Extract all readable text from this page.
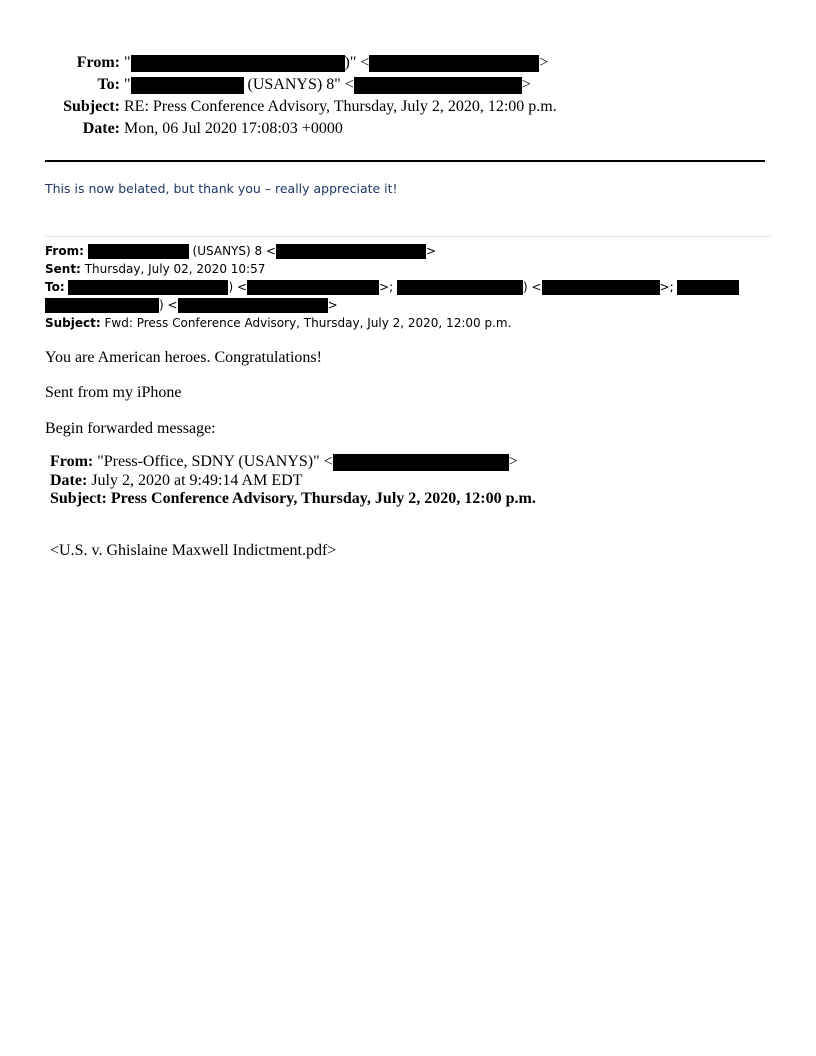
From: "	)" <	>
To: "	(USANYS) 8" <	>
Subject: RE: Press Conference Advisory, Thursday, July 2, 2020, 12:00 p.m.
Date: Mon, 06 Jul 2020 17:08:03 +0000
This is now belated, but thank you – really appreciate it!
From:	(USANYS) 8 <	>
Sent: Thursday, July 02, 2020 10:57
To:	) <	>;	) <	>;
) <	>
Subject: Fwd: Press Conference Advisory, Thursday, July 2, 2020, 12:00 p.m.
You are American heroes. Congratulations!
Sent from my iPhone
Begin forwarded message:
From: "Press-Office, SDNY (USANYS)" <	>
Date: July 2, 2020 at 9:49:14 AM EDT
Subject: Press Conference Advisory, Thursday, July 2, 2020, 12:00 p.m.
<U.S. v. Ghislaine Maxwell Indictment.pdf>
